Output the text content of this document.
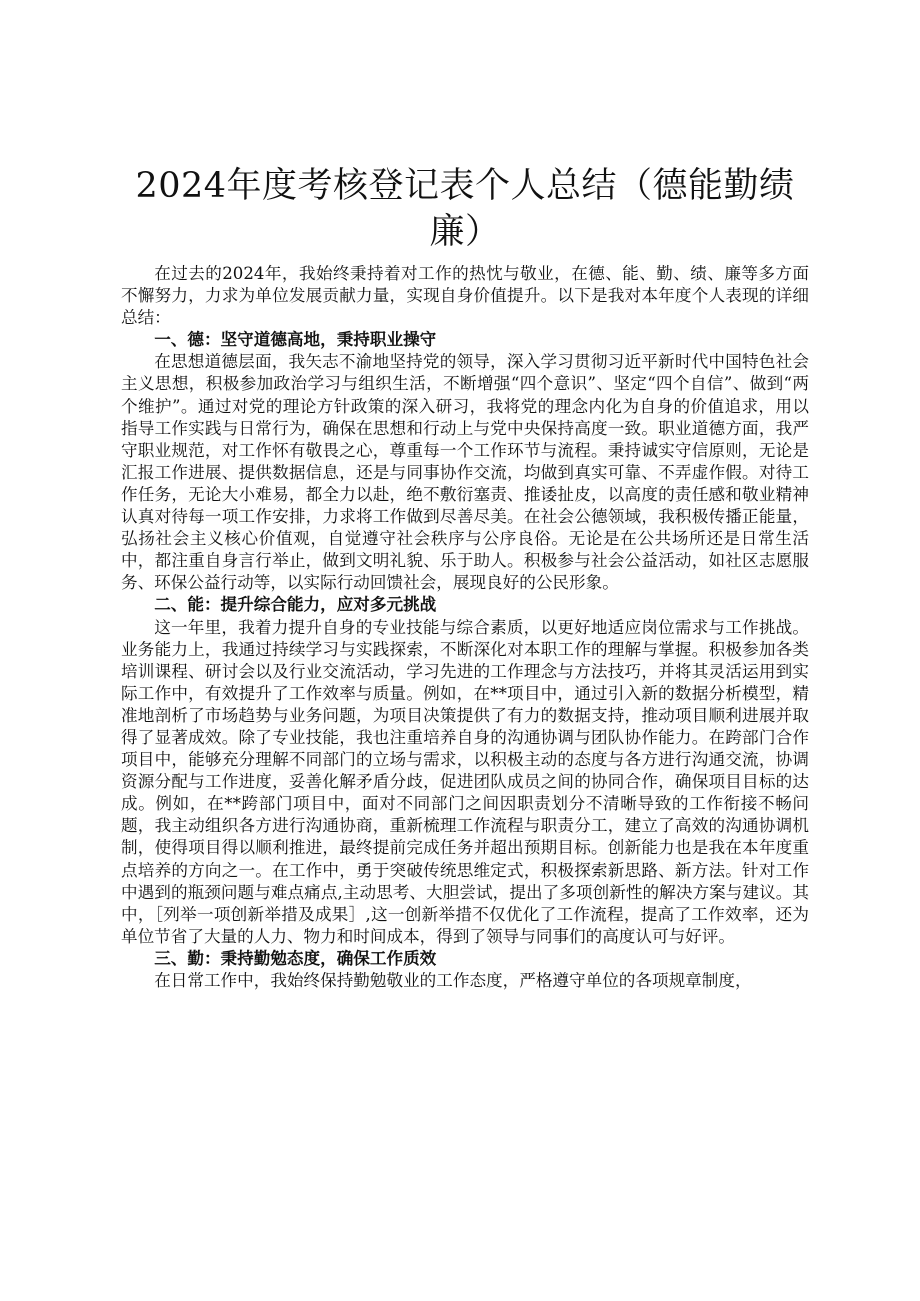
2024年度考核登记表个人总结（德能勤绩廉）

在过去的2024年，我始终秉持着对工作的热忱与敬业，在德、能、勤、绩、廉等多方面不懈努力，力求为单位发展贡献力量，实现自身价值提升。以下是我对本年度个人表现的详细总结：

一、德：坚守道德高地，秉持职业操守

在思想道德层面，我矢志不渝地坚持党的领导，深入学习贯彻习近平新时代中国特色社会主义思想，积极参加政治学习与组织生活，不断增强“四个意识”、坚定“四个自信”、做到“两个维护”。通过对党的理论方针政策的深入研习，我将党的理念内化为自身的价值追求，用以指导工作实践与日常行为，确保在思想和行动上与党中央保持高度一致。职业道德方面，我严守职业规范，对工作怀有敬畏之心，尊重每一个工作环节与流程。秉持诚实守信原则，无论是汇报工作进展、提供数据信息，还是与同事协作交流，均做到真实可靠、不弄虚作假。对待工作任务，无论大小难易，都全力以赴，绝不敷衍塞责、推诿扯皮，以高度的责任感和敬业精神认真对待每一项工作安排，力求将工作做到尽善尽美。在社会公德领域，我积极传播正能量，弘扬社会主义核心价值观，自觉遵守社会秩序与公序良俗。无论是在公共场所还是日常生活中，都注重自身言行举止，做到文明礼貌、乐于助人。积极参与社会公益活动，如社区志愿服务、环保公益行动等，以实际行动回馈社会，展现良好的公民形象。

二、能：提升综合能力，应对多元挑战

这一年里，我着力提升自身的专业技能与综合素质，以更好地适应岗位需求与工作挑战。业务能力上，我通过持续学习与实践探索，不断深化对本职工作的理解与掌握。积极参加各类培训课程、研讨会以及行业交流活动，学习先进的工作理念与方法技巧，并将其灵活运用到实际工作中，有效提升了工作效率与质量。例如，在**项目中，通过引入新的数据分析模型，精准地剖析了市场趋势与业务问题，为项目决策提供了有力的数据支持，推动项目顺利进展并取得了显著成效。除了专业技能，我也注重培养自身的沟通协调与团队协作能力。在跨部门合作项目中，能够充分理解不同部门的立场与需求，以积极主动的态度与各方进行沟通交流，协调资源分配与工作进度，妥善化解矛盾分歧，促进团队成员之间的协同合作，确保项目目标的达成。例如，在**跨部门项目中，面对不同部门之间因职责划分不清晰导致的工作衔接不畅问题，我主动组织各方进行沟通协商，重新梳理工作流程与职责分工，建立了高效的沟通协调机制，使得项目得以顺利推进，最终提前完成任务并超出预期目标。创新能力也是我在本年度重点培养的方向之一。在工作中，勇于突破传统思维定式，积极探索新思路、新方法。针对工作中遇到的瓶颈问题与难点痛点,主动思考、大胆尝试，提出了多项创新性的解决方案与建议。其中，［列举一项创新举措及成果］,这一创新举措不仅优化了工作流程，提高了工作效率，还为单位节省了大量的人力、物力和时间成本，得到了领导与同事们的高度认可与好评。

三、勤：秉持勤勉态度，确保工作质效

在日常工作中，我始终保持勤勉敬业的工作态度，严格遵守单位的各项规章制度，
